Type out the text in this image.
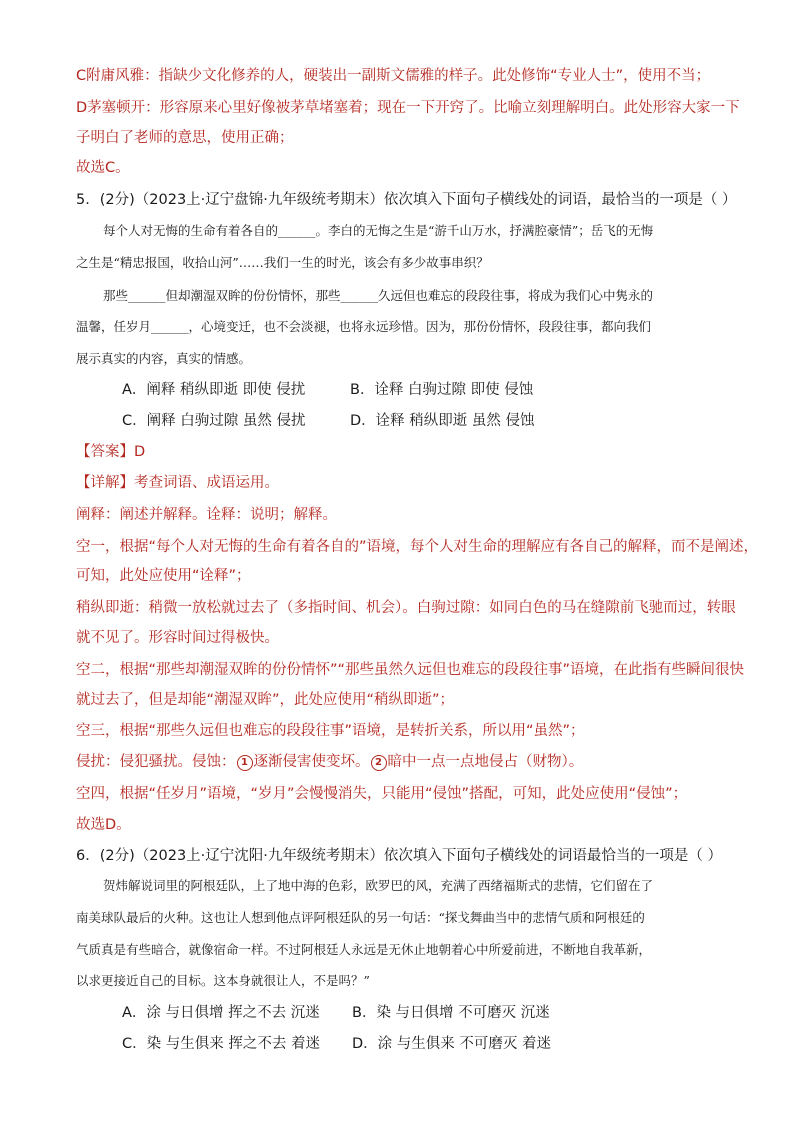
C附庸风雅：指缺少文化修养的人，硬装出一副斯文儒雅的样子。此处修饰“专业人士”，使用不当；
D茅塞顿开：形容原来心里好像被茅草堵塞着；现在一下开窍了。比喻立刻理解明白。此处形容大家一下
子明白了老师的意思，使用正确；
故选C。
5．(2分)（2023上·辽宁盘锦·九年级统考期末）依次填入下面句子横线处的词语，最恰当的一项是（ ）
每个人对无悔的生命有着各自的______。李白的无悔之生是“游千山万水，抒满腔豪情”；岳飞的无悔
之生是“精忠报国，收拾山河”……我们一生的时光，该会有多少故事串织？
那些______但却潮湿双眸的份份情怀，那些______久远但也难忘的段段往事，将成为我们心中隽永的
温馨，任岁月______，心境变迁，也不会淡褪，也将永远珍惜。因为，那份份情怀，段段往事，都向我们
展示真实的内容，真实的情感。
A．阐释 稍纵即逝 即使 侵扰	B．诠释 白驹过隙 即使 侵蚀
C．阐释 白驹过隙 虽然 侵扰	D．诠释 稍纵即逝 虽然 侵蚀
【答案】D
【详解】考查词语、成语运用。
阐释：阐述并解释。诠释：说明；解释。
空一，根据“每个人对无悔的生命有着各自的”语境，每个人对生命的理解应有各自己的解释，而不是阐述，
可知，此处应使用“诠释”；
稍纵即逝：稍微一放松就过去了（多指时间、机会）。白驹过隙：如同白色的马在缝隙前飞驰而过，转眼
就不见了。形容时间过得极快。
空二，根据“那些却潮湿双眸的份份情怀”“那些虽然久远但也难忘的段段往事”语境，在此指有些瞬间很快
就过去了，但是却能“潮湿双眸”，此处应使用“稍纵即逝”；
空三，根据“那些久远但也难忘的段段往事”语境，是转折关系，所以用“虽然”；
侵扰：侵犯骚扰。侵蚀： 1 逐渐侵害使变坏。 2 暗中一点一点地侵占（财物）。
空四，根据“任岁月”语境，“岁月”会慢慢消失，只能用“侵蚀”搭配，可知，此处应使用“侵蚀”；
故选D。
6．(2分)（2023上·辽宁沈阳·九年级统考期末）依次填入下面句子横线处的词语最恰当的一项是（ ）
贺炜解说词里的阿根廷队，上了地中海的色彩，欧罗巴的风，充满了西绪福斯式的悲情，它们留在了
南美球队最后的火种。这也让人想到他点评阿根廷队的另一句话：“探戈舞曲当中的悲情气质和阿根廷的
气质真是有些暗合，就像宿命一样。不过阿根廷人永远是无休止地朝着心中所爱前进，不断地自我革新，
以求更接近自己的目标。这本身就很让人，不是吗？”
A．涂 与日俱增 挥之不去 沉迷 B．染 与日俱增 不可磨灭 沉迷
C．染 与生俱来 挥之不去 着迷 D．涂 与生俱来 不可磨灭 着迷
